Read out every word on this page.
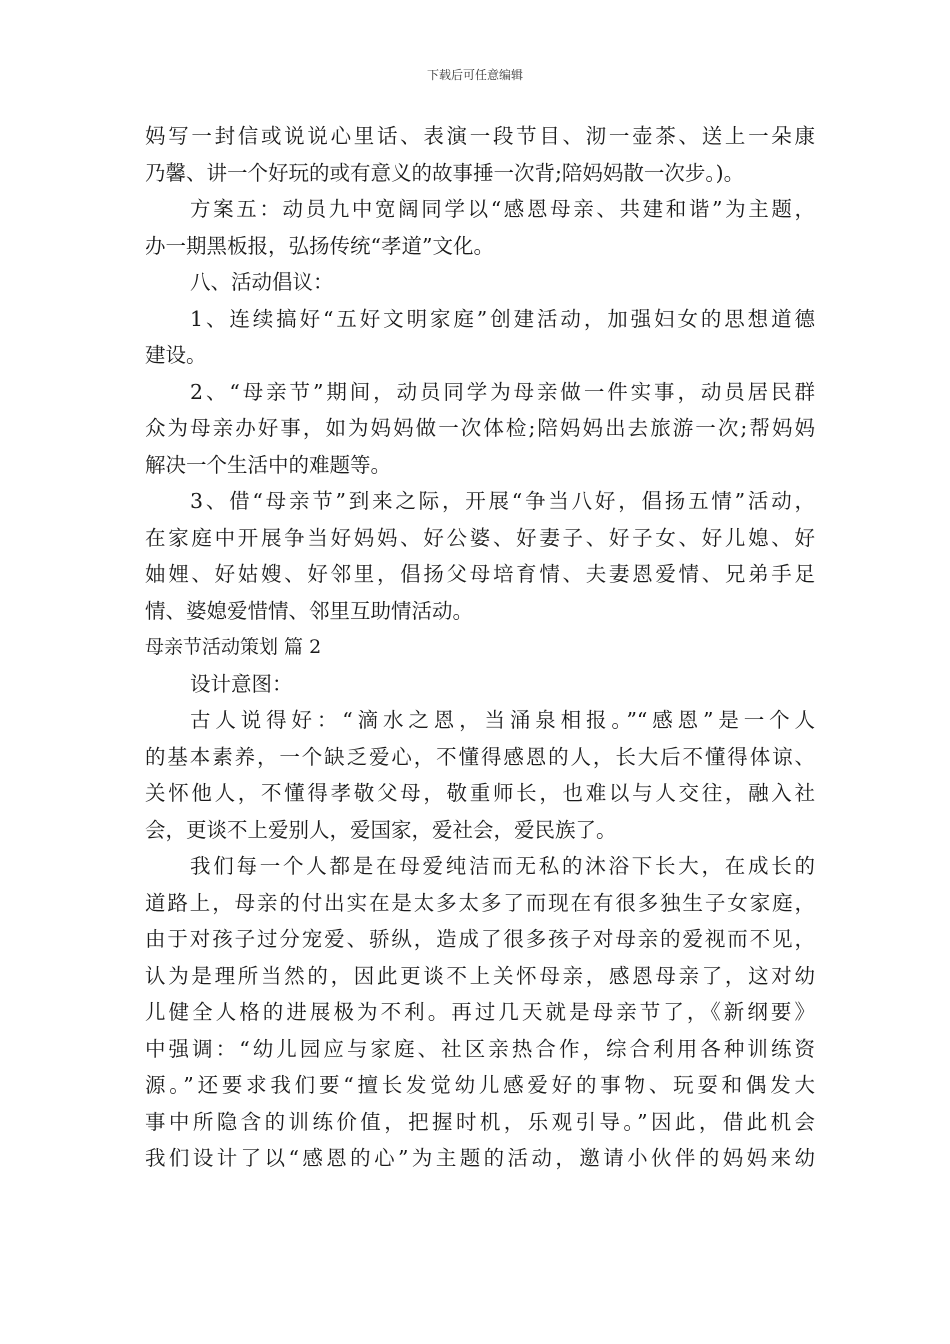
下载后可任意编辑
妈写一封信或说说心里话、表演一段节目、沏一壶茶、送上一朵康
乃馨、讲一个好玩的或有意义的故事捶一次背;陪妈妈散一次步。)。
方案五：动员九中宽阔同学以“感恩母亲、共建和谐”为主题，
办一期黑板报，弘扬传统“孝道”文化。
八、活动倡议：
1、连续搞好“五好文明家庭”创建活动，加强妇女的思想道德
建设。
2、“母亲节”期间，动员同学为母亲做一件实事，动员居民群
众为母亲办好事，如为妈妈做一次体检;陪妈妈出去旅游一次;帮妈妈
解决一个生活中的难题等。
3、借“母亲节”到来之际，开展“争当八好，倡扬五情”活动，
在家庭中开展争当好妈妈、好公婆、好妻子、好子女、好儿媳、好
妯娌、好姑嫂、好邻里，倡扬父母培育情、夫妻恩爱情、兄弟手足
情、婆媳爱惜情、邻里互助情活动。
母亲节活动策划 篇 2
设计意图：
古人说得好：“滴水之恩，当涌泉相报。”“感恩”是一个人
的基本素养，一个缺乏爱心，不懂得感恩的人，长大后不懂得体谅、
关怀他人，不懂得孝敬父母，敬重师长，也难以与人交往，融入社
会，更谈不上爱别人，爱国家，爱社会，爱民族了。
我们每一个人都是在母爱纯洁而无私的沐浴下长大，在成长的
道路上，母亲的付出实在是太多太多了而现在有很多独生子女家庭，
由于对孩子过分宠爱、骄纵，造成了很多孩子对母亲的爱视而不见，
认为是理所当然的，因此更谈不上关怀母亲，感恩母亲了，这对幼
儿健全人格的进展极为不利。再过几天就是母亲节了，《新纲要》
中强调：“幼儿园应与家庭、社区亲热合作，综合利用各种训练资
源。”还要求我们要“擅长发觉幼儿感爱好的事物、玩耍和偶发大
事中所隐含的训练价值，把握时机，乐观引导。”因此，借此机会
我们设计了以“感恩的心”为主题的活动，邀请小伙伴的妈妈来幼
